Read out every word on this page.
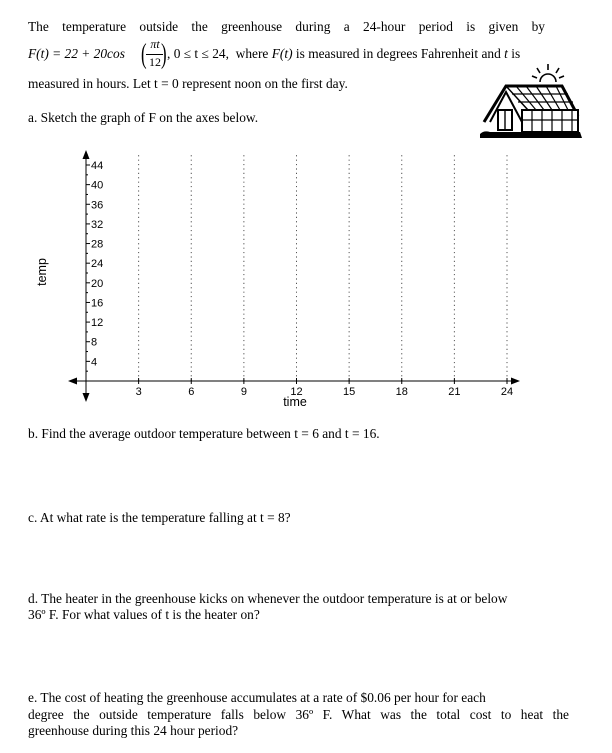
The temperature outside the greenhouse during a 24-hour period is given by
F(t) = 22 + 20cos ( πt
12 ) , 0 ≤ t ≤ 24, where F(t) is measured in degrees Fahrenheit and t is
measured in hours. Let t = 0 represent noon on the first day.
a. Sketch the graph of F on the axes below.
4
8
12
16
20
24
28
32
36
40
44
3	6	9	12	15	18	21	24
time
temp
b. Find the average outdoor temperature between t = 6 and t = 16.
c. At what rate is the temperature falling at t = 8?
d. The heater in the greenhouse kicks on whenever the outdoor temperature is at or below
36º F. For what values of t is the heater on?
e. The cost of heating the greenhouse accumulates at a rate of $0.06 per hour for each
degree the outside temperature falls below 36º F. What was the total cost to heat the
greenhouse during this 24 hour period?
